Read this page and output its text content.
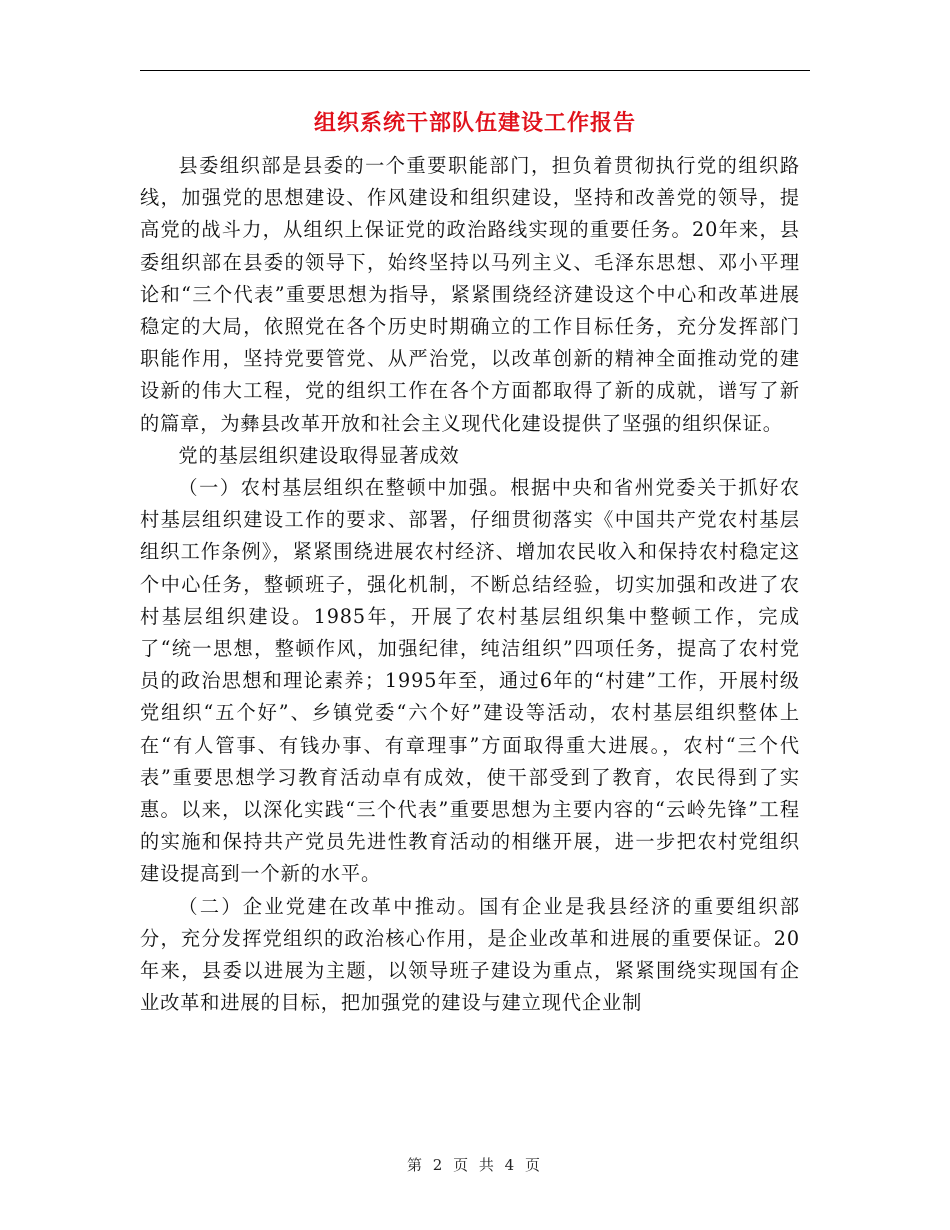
组织系统干部队伍建设工作报告

县委组织部是县委的一个重要职能部门，担负着贯彻执行党的组织路线，加强党的思想建设、作风建设和组织建设，坚持和改善党的领导，提高党的战斗力，从组织上保证党的政治路线实现的重要任务。20年来，县委组织部在县委的领导下，始终坚持以马列主义、毛泽东思想、邓小平理论和“三个代表”重要思想为指导，紧紧围绕经济建设这个中心和改革进展稳定的大局，依照党在各个历史时期确立的工作目标任务，充分发挥部门职能作用，坚持党要管党、从严治党，以改革创新的精神全面推动党的建设新的伟大工程，党的组织工作在各个方面都取得了新的成就，谱写了新的篇章，为彝县改革开放和社会主义现代化建设提供了坚强的组织保证。

党的基层组织建设取得显著成效

（一）农村基层组织在整顿中加强。根据中央和省州党委关于抓好农村基层组织建设工作的要求、部署，仔细贯彻落实《中国共产党农村基层组织工作条例》，紧紧围绕进展农村经济、增加农民收入和保持农村稳定这个中心任务，整顿班子，强化机制，不断总结经验，切实加强和改进了农村基层组织建设。1985年，开展了农村基层组织集中整顿工作，完成了“统一思想，整顿作风，加强纪律，纯洁组织”四项任务，提高了农村党员的政治思想和理论素养；1995年至，通过6年的“村建”工作，开展村级党组织“五个好”、乡镇党委“六个好”建设等活动，农村基层组织整体上在“有人管事、有钱办事、有章理事”方面取得重大进展。，农村“三个代表”重要思想学习教育活动卓有成效，使干部受到了教育，农民得到了实惠。以来，以深化实践“三个代表”重要思想为主要内容的“云岭先锋”工程的实施和保持共产党员先进性教育活动的相继开展，进一步把农村党组织建设提高到一个新的水平。

（二）企业党建在改革中推动。国有企业是我县经济的重要组织部分，充分发挥党组织的政治核心作用，是企业改革和进展的重要保证。20年来，县委以进展为主题，以领导班子建设为重点，紧紧围绕实现国有企业改革和进展的目标，把加强党的建设与建立现代企业制

第 2 页 共 4 页
